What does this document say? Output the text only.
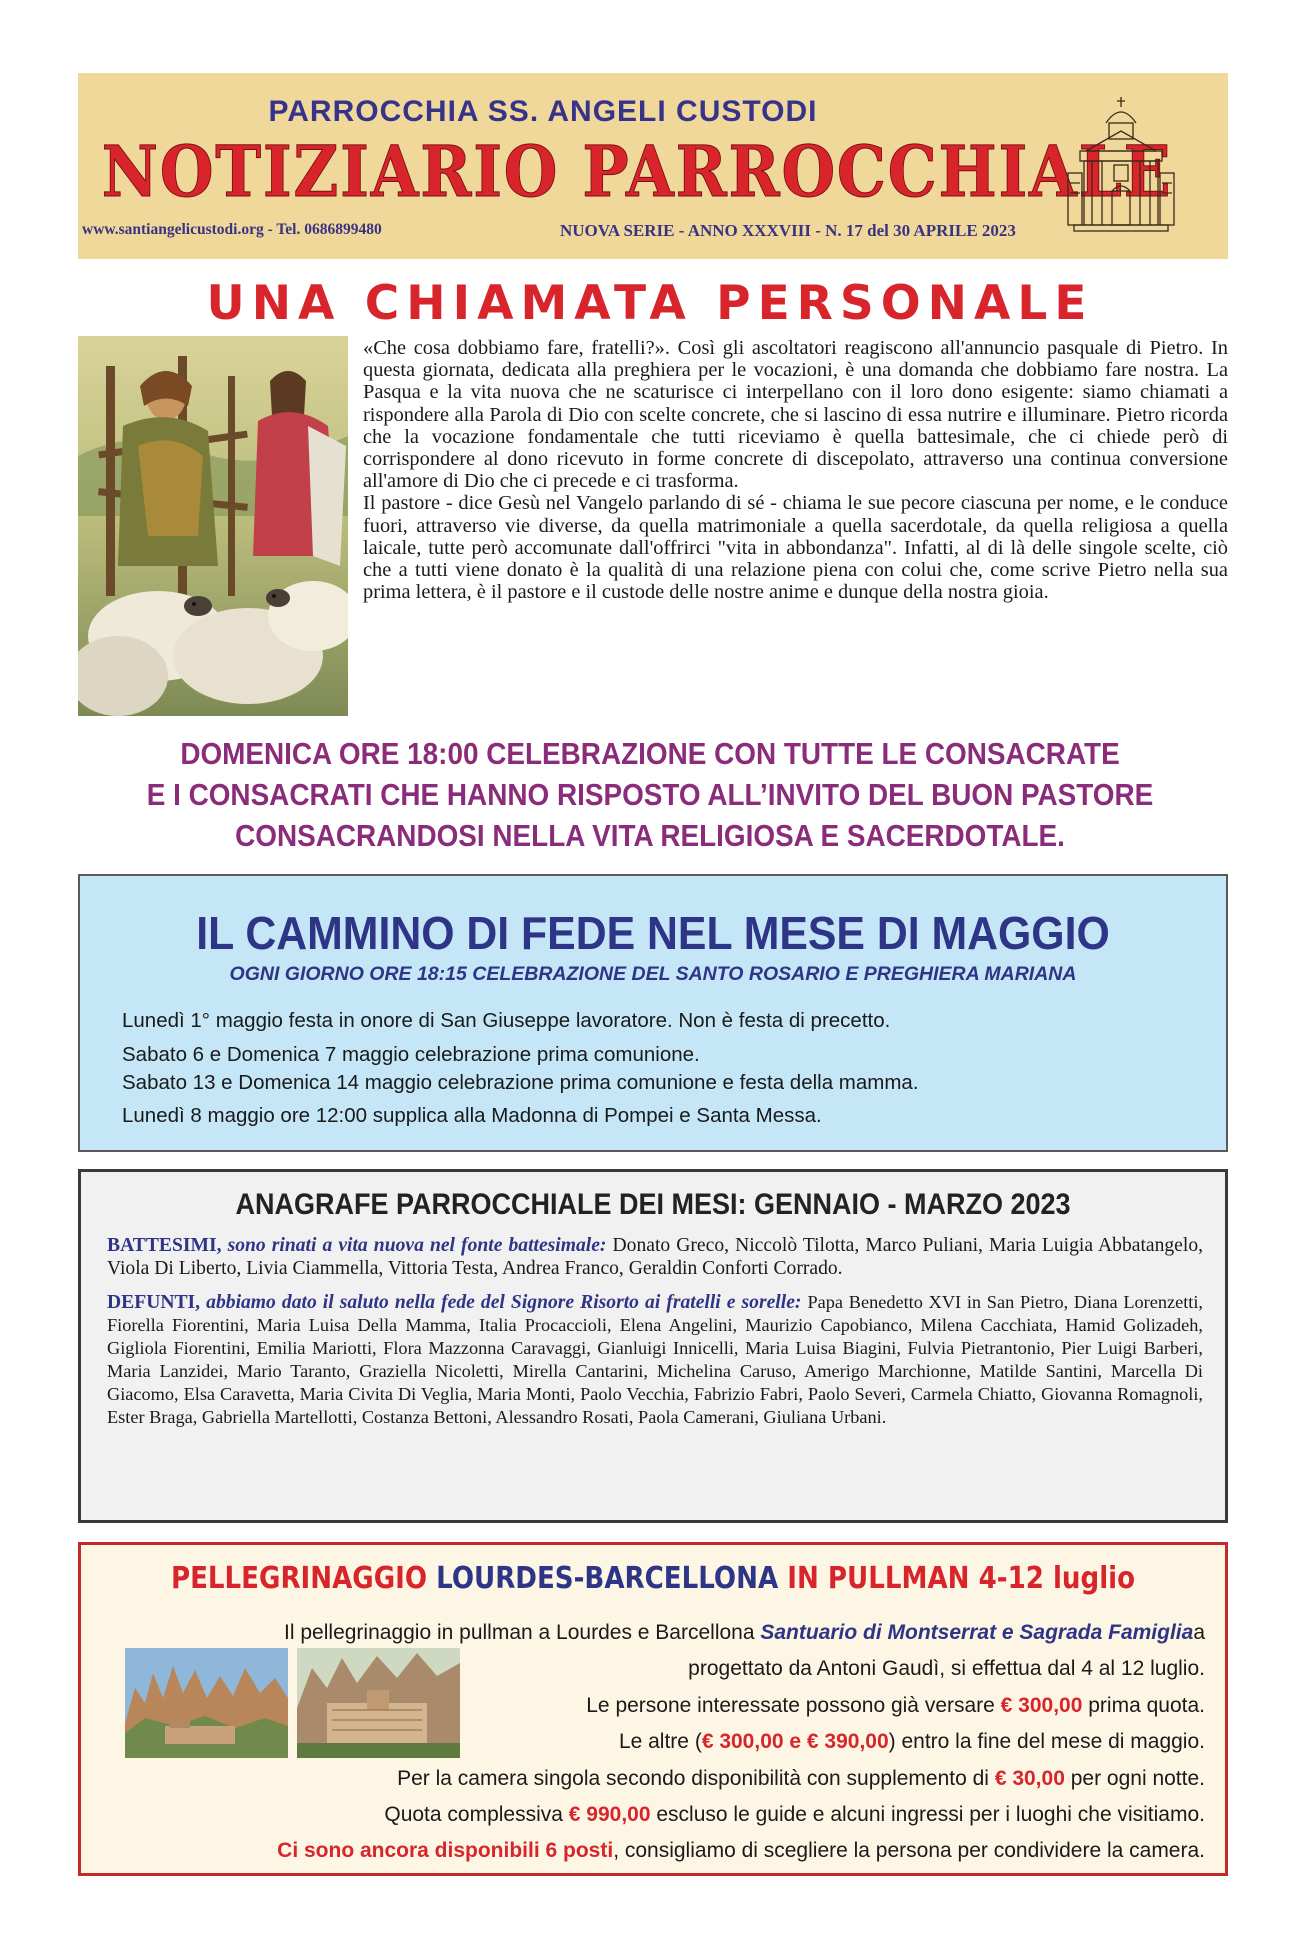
PARROCCHIA SS. ANGELI CUSTODI
NOTIZIARIO PARROCCHIALE
www.santiangelicustodi.org - Tel. 0686899480	NUOVA SERIE - ANNO XXXVIII - N. 17 del 30 APRILE 2023
UNA CHIAMATA PERSONALE

«Che cosa dobbiamo fare, fratelli?». Così gli ascoltatori reagiscono all'annuncio pasquale di Pietro. In questa giornata, dedicata alla preghiera per le vocazioni, è una domanda che dobbiamo fare nostra. La Pasqua e la vita nuova che ne scaturisce ci interpellano con il loro dono esigente: siamo chiamati a rispondere alla Parola di Dio con scelte concrete, che si lascino di essa nutrire e illuminare. Pietro ricorda che la vocazione fondamentale che tutti riceviamo è quella battesimale, che ci chiede però di corrispondere al dono ricevuto in forme concrete di discepolato, attraverso una continua conversione all'amore di Dio che ci precede e ci trasforma.

Il pastore - dice Gesù nel Vangelo parlando di sé - chiama le sue pecore ciascuna per nome, e le conduce fuori, attraverso vie diverse, da quella matrimoniale a quella sacerdotale, da quella religiosa a quella laicale, tutte però accomunate dall'offrirci "vita in abbondanza". Infatti, al di là delle singole scelte, ciò che a tutti viene donato è la qualità di una relazione piena con colui che, come scrive Pietro nella sua prima lettera, è il pastore e il custode delle nostre anime e dunque della nostra gioia.

DOMENICA ORE 18:00 CELEBRAZIONE CON TUTTE LE CONSACRATE
E I CONSACRATI CHE HANNO RISPOSTO ALL’INVITO DEL BUON PASTORE
CONSACRANDOSI NELLA VITA RELIGIOSA E SACERDOTALE.
IL CAMMINO DI FEDE NEL MESE DI MAGGIO
OGNI GIORNO ORE 18:15 CELEBRAZIONE DEL SANTO ROSARIO E PREGHIERA MARIANA
Lunedì 1° maggio festa in onore di San Giuseppe lavoratore. Non è festa di precetto.
Sabato 6 e Domenica 7 maggio celebrazione prima comunione.
Sabato 13 e Domenica 14 maggio celebrazione prima comunione e festa della mamma.
Lunedì 8 maggio ore 12:00 supplica alla Madonna di Pompei e Santa Messa.
ANAGRAFE PARROCCHIALE DEI MESI: GENNAIO - MARZO 2023

BATTESIMI, sono rinati a vita nuova nel fonte battesimale: Donato Greco, Niccolò Tilotta, Marco Puliani, Maria Luigia Abbatangelo, Viola Di Liberto, Livia Ciammella, Vittoria Testa, Andrea Franco, Geraldin Conforti Corrado.

DEFUNTI, abbiamo dato il saluto nella fede del Signore Risorto ai fratelli e sorelle: Papa Benedetto XVI in San Pietro, Diana Lorenzetti, Fiorella Fiorentini, Maria Luisa Della Mamma, Italia Procaccioli, Elena Angelini, Maurizio Capobianco, Milena Cacchiata, Hamid Golizadeh, Gigliola Fiorentini, Emilia Mariotti, Flora Mazzonna Caravaggi, Gianluigi Innicelli, Maria Luisa Biagini, Fulvia Pietrantonio, Pier Luigi Barberi, Maria Lanzidei, Mario Taranto, Graziella Nicoletti, Mirella Cantarini, Michelina Caruso, Amerigo Marchionne, Matilde Santini, Marcella Di Giacomo, Elsa Caravetta, Maria Civita Di Veglia, Maria Monti, Paolo Vecchia, Fabrizio Fabri, Paolo Severi, Carmela Chiatto, Giovanna Romagnoli, Ester Braga, Gabriella Martellotti, Costanza Bettoni, Alessandro Rosati, Paola Camerani, Giuliana Urbani.

PELLEGRINAGGIO LOURDES-BARCELLONA IN PULLMAN 4-12 luglio
Il pellegrinaggio in pullman a Lourdes e Barcellona Santuario di Montserrat e Sagrada Famigliaa
progettato da Antoni Gaudì, si effettua dal 4 al 12 luglio.
Le persone interessate possono già versare € 300,00 prima quota.
Le altre (€ 300,00 e € 390,00) entro la fine del mese di maggio.
Per la camera singola secondo disponibilità con supplemento di € 30,00 per ogni notte.
Quota complessiva € 990,00 escluso le guide e alcuni ingressi per i luoghi che visitiamo.
Ci sono ancora disponibili 6 posti, consigliamo di scegliere la persona per condividere la camera.
